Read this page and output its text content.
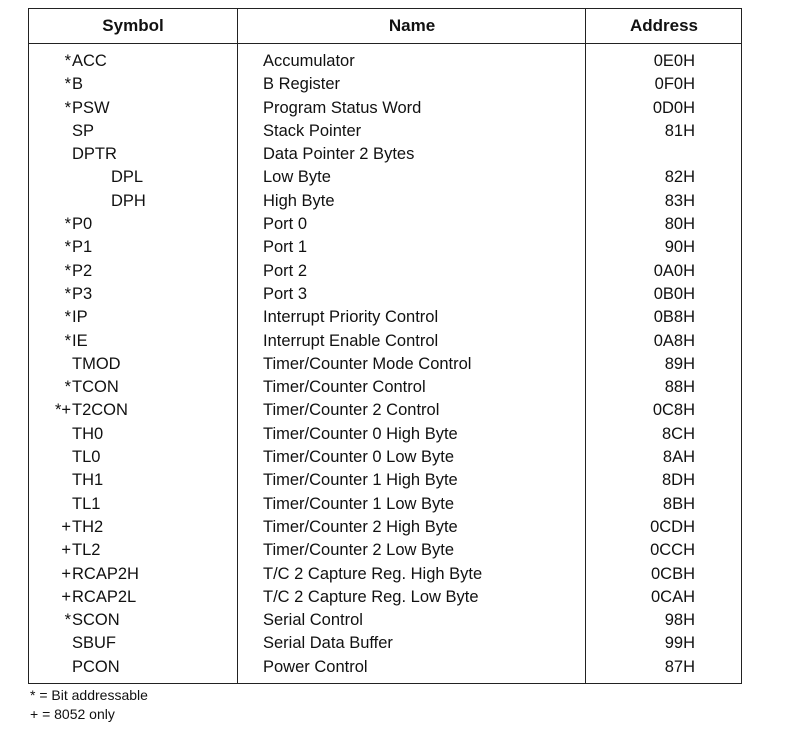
Symbol	Name	Address
* ACC	Accumulator	0E0H
* B	B Register	0F0H
* PSW	Program Status Word	0D0H
SP	Stack Pointer	81H
DPTR	Data Pointer 2 Bytes
DPL	Low Byte	82H
DPH	High Byte	83H
* P0	Port 0	80H
* P1	Port 1	90H
* P2	Port 2	0A0H
* P3	Port 3	0B0H
* IP	Interrupt Priority Control	0B8H
* IE	Interrupt Enable Control	0A8H
TMOD	Timer/Counter Mode Control	89H
* TCON	Timer/Counter Control	88H
*+ T2CON	Timer/Counter 2 Control	0C8H
TH0	Timer/Counter 0 High Byte	8CH
TL0	Timer/Counter 0 Low Byte	8AH
TH1	Timer/Counter 1 High Byte	8DH
TL1	Timer/Counter 1 Low Byte	8BH
+ TH2	Timer/Counter 2 High Byte	0CDH
+ TL2	Timer/Counter 2 Low Byte	0CCH
+ RCAP2H	T/C 2 Capture Reg. High Byte	0CBH
+ RCAP2L	T/C 2 Capture Reg. Low Byte	0CAH
* SCON	Serial Control	98H
SBUF	Serial Data Buffer	99H
PCON	Power Control	87H
* = Bit addressable
+ = 8052 only
